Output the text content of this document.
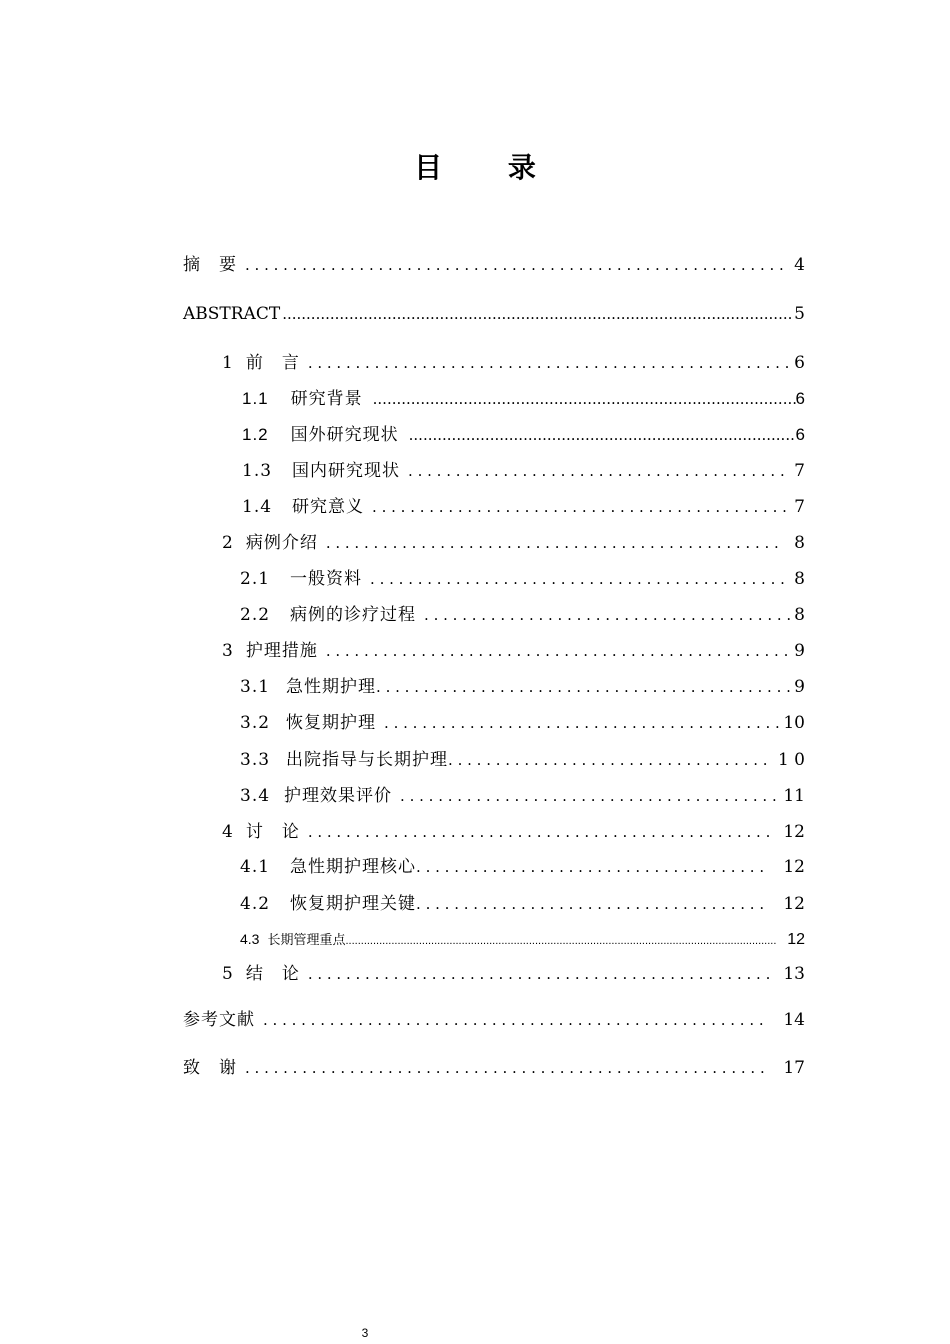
目 录
摘　要 . . .	4
ABSTRACT .....	5
1 前　言 . . .	6
1.1 研究背景 .....	6
1.2 国外研究现状 .....	6
1.3 国内研究现状 . . .	7
1.4 研究意义 . . .	7
2 病例介绍 . . .	8
2.1 一般资料 . . .	8
2.2 病例的诊疗过程 . . .	8
3 护理措施 . . .	9
3.1 急性期护理 . . .	9
3.2 恢复期护理 . . .	10
3.3 出院指导与长期护理 . . .	1 0
3.4 护理效果评价 . . .	11
4 讨　论 . . .	12
4.1 急性期护理核心 . . .	12
4.2 恢复期护理关键 . . .	12
4.3 长期管理重点 .....	12
5 结　论 . . .	13
参考文献 . . .	14
致　谢 . . .	17
3
